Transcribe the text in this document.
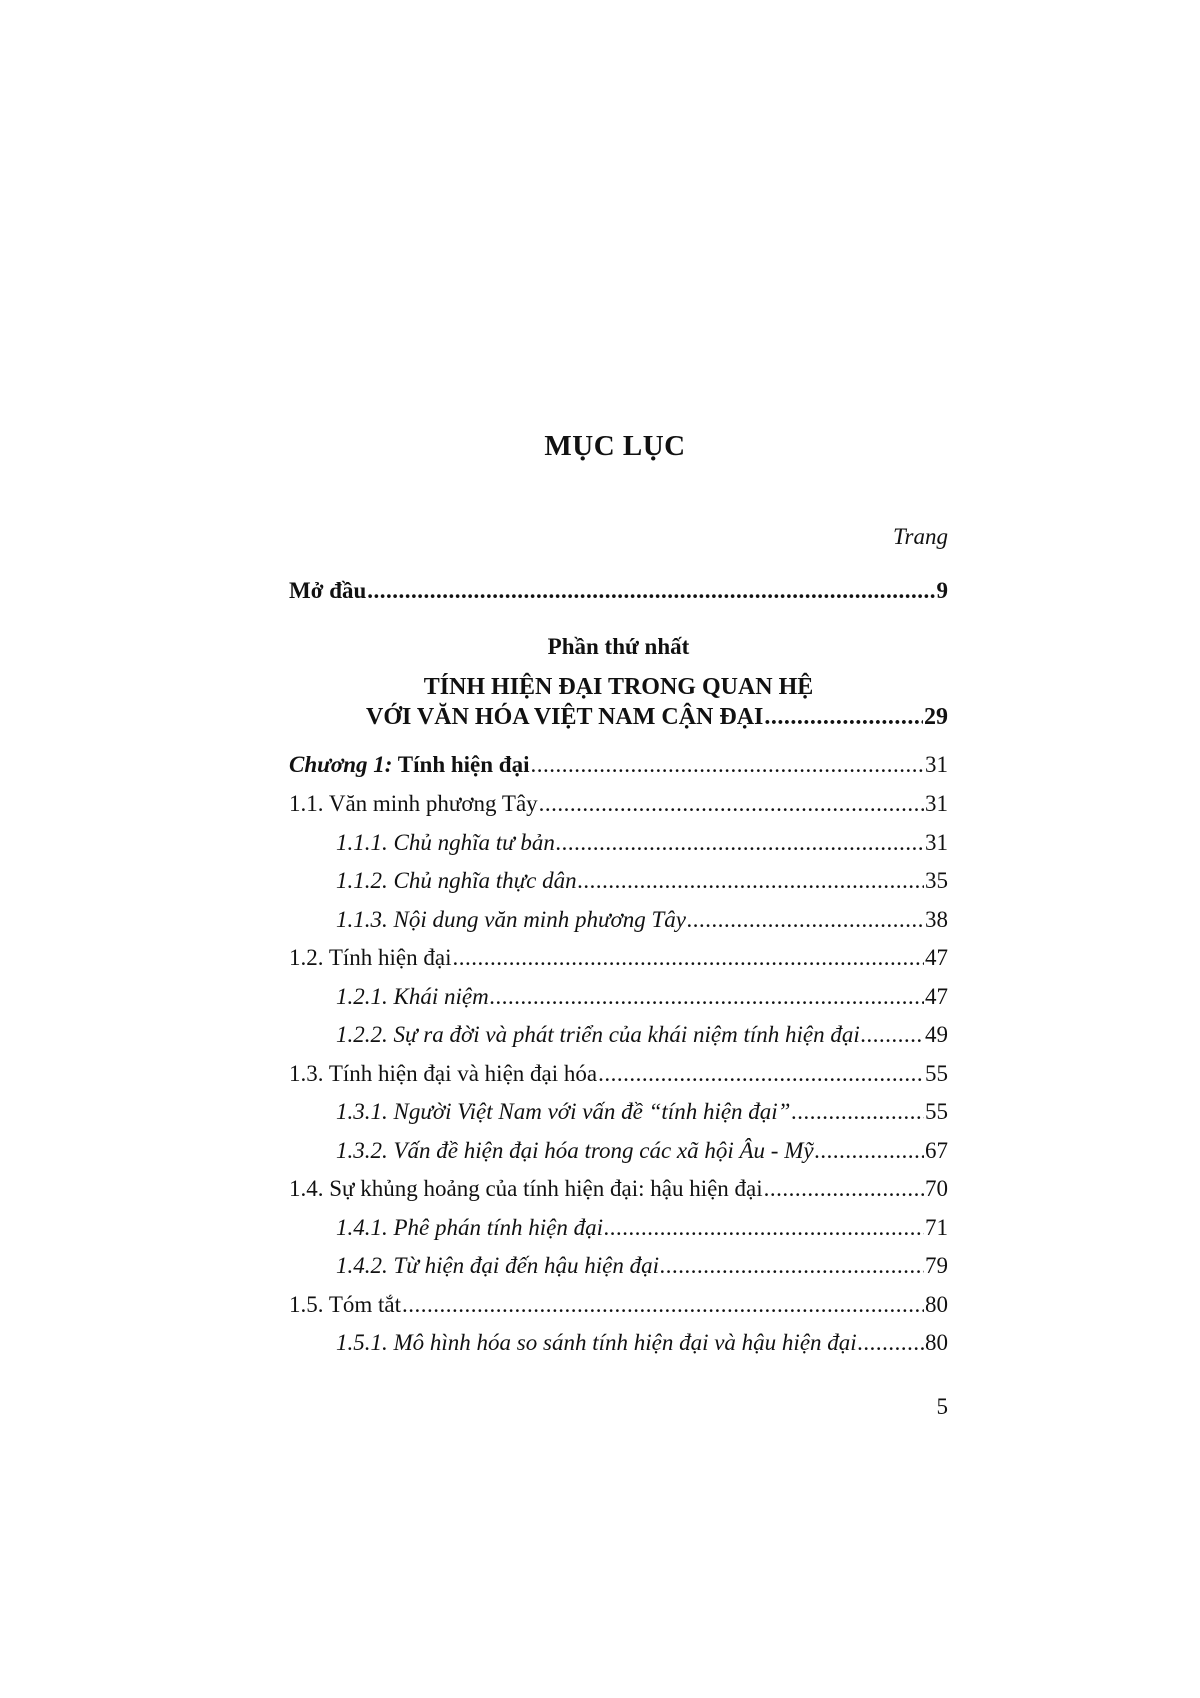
MỤC LỤC
Trang
Mở đầu .....	9
Phần thứ nhất
TÍNH HIỆN ĐẠI TRONG QUAN HỆ
VỚI VĂN HÓA VIỆT NAM CẬN ĐẠI .....	29
Chương 1: Tính hiện đại .....	31
1.1. Văn minh phương Tây .....	31
1.1.1. Chủ nghĩa tư bản .....	31
1.1.2. Chủ nghĩa thực dân .....	35
1.1.3. Nội dung văn minh phương Tây .....	38
1.2. Tính hiện đại .....	47
1.2.1. Khái niệm .....	47
1.2.2. Sự ra đời và phát triển của khái niệm tính hiện đại .....	49
1.3. Tính hiện đại và hiện đại hóa .....	55
1.3.1. Người Việt Nam với vấn đề “tính hiện đại” .....	55
1.3.2. Vấn đề hiện đại hóa trong các xã hội Âu - Mỹ .....	67
1.4. Sự khủng hoảng của tính hiện đại: hậu hiện đại .....	70
1.4.1. Phê phán tính hiện đại .....	71
1.4.2. Từ hiện đại đến hậu hiện đại .....	79
1.5. Tóm tắt .....	80
1.5.1. Mô hình hóa so sánh tính hiện đại và hậu hiện đại .....	80
5
